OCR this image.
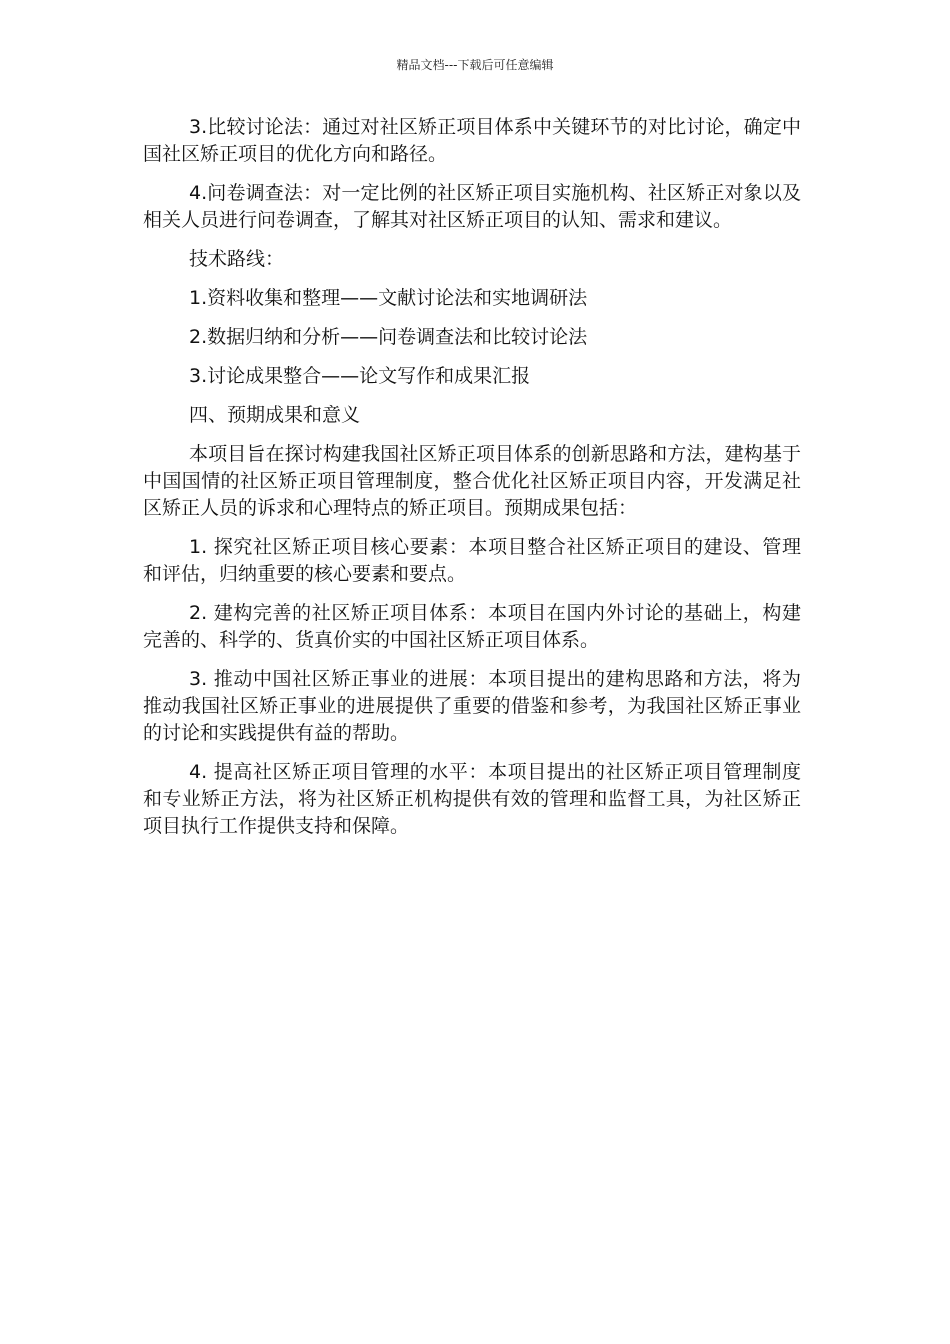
精品文档---下载后可任意编辑

3.比较讨论法：通过对社区矫正项目体系中关键环节的对比讨论，确定中国社区矫正项目的优化方向和路径。

4.问卷调查法：对一定比例的社区矫正项目实施机构、社区矫正对象以及相关人员进行问卷调查，了解其对社区矫正项目的认知、需求和建议。

技术路线：

1.资料收集和整理——文献讨论法和实地调研法

2.数据归纳和分析——问卷调查法和比较讨论法

3.讨论成果整合——论文写作和成果汇报

四、预期成果和意义

本项目旨在探讨构建我国社区矫正项目体系的创新思路和方法，建构基于中国国情的社区矫正项目管理制度，整合优化社区矫正项目内容，开发满足社区矫正人员的诉求和心理特点的矫正项目。预期成果包括：

1. 探究社区矫正项目核心要素：本项目整合社区矫正项目的建设、管理和评估，归纳重要的核心要素和要点。

2. 建构完善的社区矫正项目体系：本项目在国内外讨论的基础上，构建完善的、科学的、货真价实的中国社区矫正项目体系。

3. 推动中国社区矫正事业的进展：本项目提出的建构思路和方法，将为推动我国社区矫正事业的进展提供了重要的借鉴和参考，为我国社区矫正事业的讨论和实践提供有益的帮助。

4. 提高社区矫正项目管理的水平：本项目提出的社区矫正项目管理制度和专业矫正方法，将为社区矫正机构提供有效的管理和监督工具，为社区矫正项目执行工作提供支持和保障。
